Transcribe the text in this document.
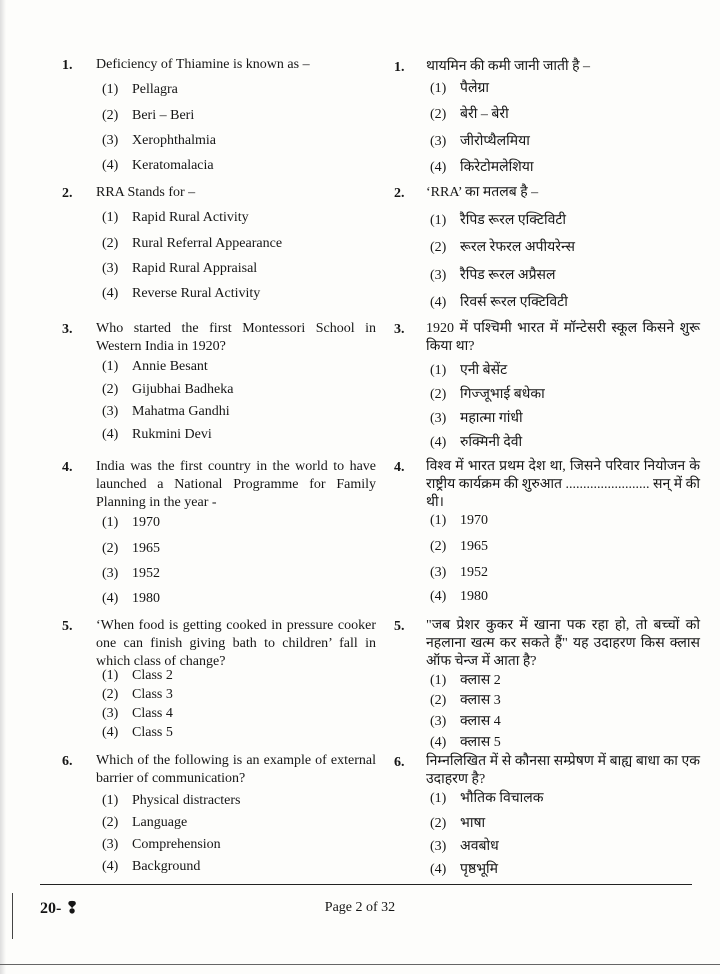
1. Deficiency of Thiamine is known as –
(1) Pellagra
(2) Beri – Beri
(3) Xerophthalmia
(4) Keratomalacia
2. RRA Stands for –
(1) Rapid Rural Activity
(2) Rural Referral Appearance
(3) Rapid Rural Appraisal
(4) Reverse Rural Activity
3. Who started the first Montessori School in Western India in 1920?
(1) Annie Besant
(2) Gijubhai Badheka
(3) Mahatma Gandhi
(4) Rukmini Devi
4. India was the first country in the world to have launched a National Programme for Family Planning in the year -
(1) 1970
(2) 1965
(3) 1952
(4) 1980
5. ‘When food is getting cooked in pressure cooker one can finish giving bath to children’ fall in which class of change?
(1) Class 2
(2) Class 3
(3) Class 4
(4) Class 5
6. Which of the following is an example of external barrier of communication?
(1) Physical distracters
(2) Language
(3) Comprehension
(4) Background
1. थायमिन की कमी जानी जाती है –
(1) पैलेग्रा
(2) बेरी – बेरी
(3) जीरोप्थैलमिया
(4) किरेटोमलेशिया
2. ‘RRA’ का मतलब है –
(1) रैपिड रूरल एक्टिविटी
(2) रूरल रेफरल अपीयरेन्स
(3) रैपिड रूरल अप्रैसल
(4) रिवर्स रूरल एक्टिविटी
3. 1920 में पश्चिमी भारत में मॉन्टेसरी स्कूल किसने शुरू किया था?
(1) एनी बेसेंट
(2) गिज्जूभाई बधेका
(3) महात्मा गांधी
(4) रुक्मिनी देवी
4. विश्व में भारत प्रथम देश था, जिसने परिवार नियोजन के राष्ट्रीय कार्यक्रम की शुरुआत ........................ सन् में की थी।
(1) 1970
(2) 1965
(3) 1952
(4) 1980
5. "जब प्रेशर कुकर में खाना पक रहा हो, तो बच्चों को नहलाना खत्म कर सकते हैं" यह उदाहरण किस क्लास ऑफ चेन्ज में आता है?
(1) क्लास 2
(2) क्लास 3
(3) क्लास 4
(4) क्लास 5
6. निम्नलिखित में से कौनसा सम्प्रेषण में बाह्य बाधा का एक उदाहरण है?
(1) भौतिक विचालक
(2) भाषा
(3) अवबोध
(4) पृष्ठभूमि
20- ❢	Page 2 of 32
